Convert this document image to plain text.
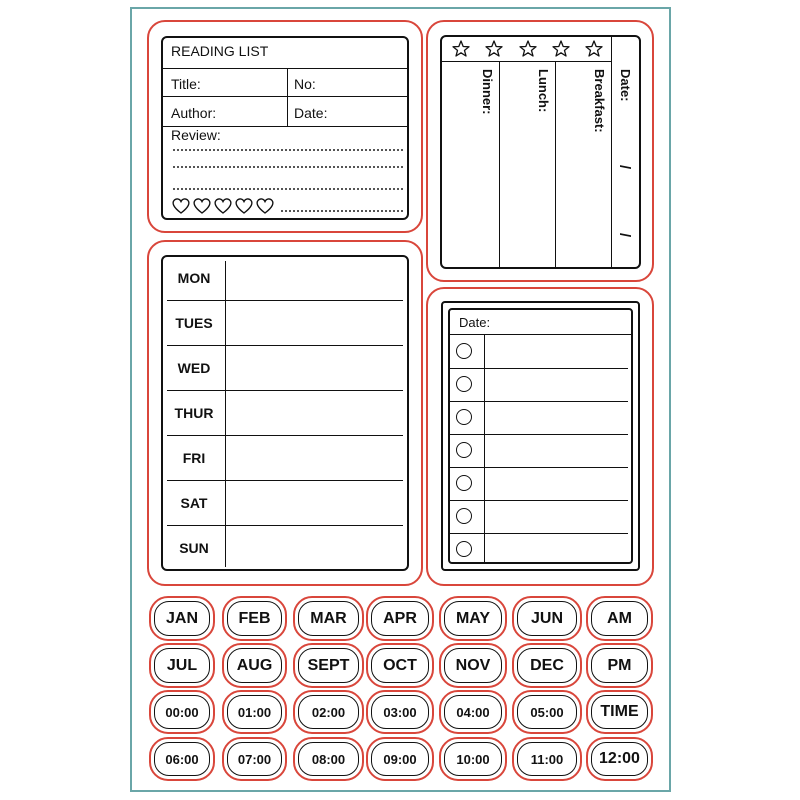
READING LIST
Title:	No:
Author:	Date:
Review:
Dinner:	Lunch:	Breakfast: Date:
/
/
MON
TUES
WED
THUR
FRI
SAT
SUN
Date:
JAN	FEB	MAR	APR	MAY	JUN	AM
JUL	AUG	SEPT	OCT	NOV	DEC	PM
00:00	01:00	02:00	03:00	04:00	05:00	TIME
06:00	07:00	08:00	09:00	10:00	11:00	12:00
